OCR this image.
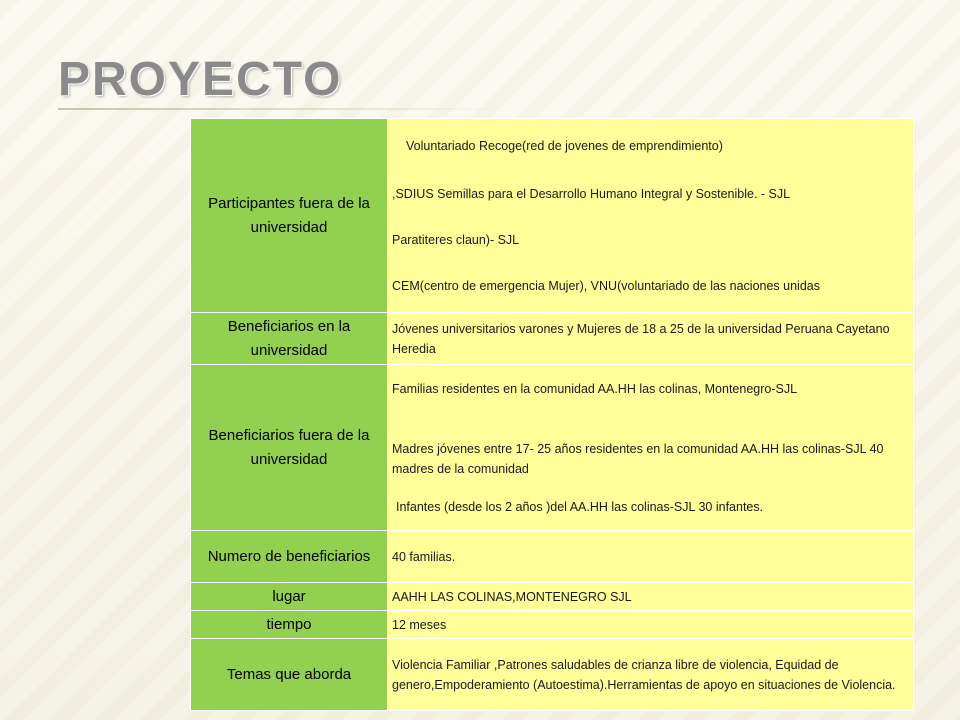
PROYECTO
Participantes fuera de la universidad	Voluntariado Recoge(red de jovenes de emprendimiento)
,SDIUS Semillas para el Desarrollo Humano Integral y Sostenible. - SJL
Paratiteres claun)- SJL
CEM(centro de emergencia Mujer), VNU(voluntariado de las naciones unidas

Beneficiarios en la universidad	Jóvenes universitarios varones y Mujeres de 18 a 25 de la universidad Peruana Cayetano Heredia

Beneficiarios fuera de la universidad	Familias residentes en la comunidad AA.HH las colinas, Montenegro-SJL
Madres jóvenes entre 17- 25 años residentes en la comunidad AA.HH las colinas-SJL 40 madres de la comunidad
Infantes (desde los 2 años )del AA.HH las colinas-SJL 30 infantes.

Numero de beneficiarios	40 familias.

lugar	AAHH LAS COLINAS,MONTENEGRO SJL

tiempo	12 meses

Temas que aborda	Violencia Familiar ,Patrones saludables de crianza libre de violencia, Equidad de genero,Empoderamiento (Autoestima).Herramientas de apoyo en situaciones de Violencia.
